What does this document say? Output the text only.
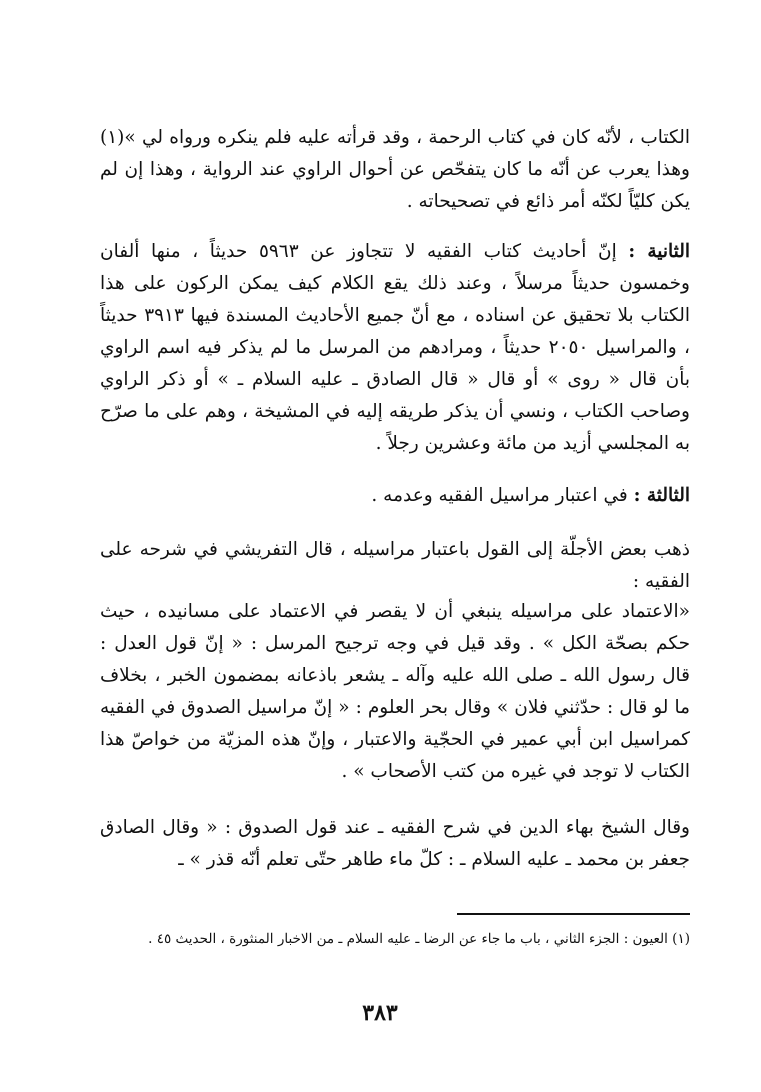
الكتاب ، لأنّه كان في كتاب الرحمة ، وقد قرأته عليه فلم ينكره ورواه لي »(١) وهذا يعرب عن أنّه ما كان يتفحّص عن أحوال الراوي عند الرواية ، وهذا إن لم يكن كليّاً لكنّه أمر ذائع في تصحيحاته .

الثانية : إنّ أحاديث كتاب الفقيه لا تتجاوز عن ٥٩٦٣ حديثاً ، منها ألفان وخمسون حديثاً مرسلاً ، وعند ذلك يقع الكلام كيف يمكن الركون على هذا الكتاب بلا تحقيق عن اسناده ، مع أنّ جميع الأحاديث المسندة فيها ٣٩١٣ حديثاً ، والمراسيل ٢٠٥٠ حديثاً ، ومرادهم من المرسل ما لم يذكر فيه اسم الراوي بأن قال « روى » أو قال « قال الصادق ـ عليه السلام ـ » أو ذكر الراوي وصاحب الكتاب ، ونسي أن يذكر طريقه إليه في المشيخة ، وهم على ما صرّح به المجلسي أزيد من مائة وعشرين رجلاً .

الثالثة : في اعتبار مراسيل الفقيه وعدمه .

ذهب بعض الأجلّة إلى القول باعتبار مراسيله ، قال التفريشي في شرحه على الفقيه :

«الاعتماد على مراسيله ينبغي أن لا يقصر في الاعتماد على مسانيده ، حيث حكم بصحّة الكل » . وقد قيل في وجه ترجيح المرسل : « إنّ قول العدل : قال رسول الله ـ صلى الله عليه وآله ـ يشعر باذعانه بمضمون الخبر ، بخلاف ما لو قال : حدّثني فلان » وقال بحر العلوم : « إنّ مراسيل الصدوق في الفقيه كمراسيل ابن أبي عمير في الحجّية والاعتبار ، وإنّ هذه المزيّة من خواصّ هذا الكتاب لا توجد في غيره من كتب الأصحاب » .

وقال الشيخ بهاء الدين في شرح الفقيه ـ عند قول الصدوق : « وقال الصادق جعفر بن محمد ـ عليه السلام ـ : كلّ ماء طاهر حتّى تعلم أنّه قذر » ـ

(١) العيون : الجزء الثاني ، باب ما جاء عن الرضا ـ عليه السلام ـ من الاخبار المنثورة ، الحديث ٤٥ .

٣٨٣
